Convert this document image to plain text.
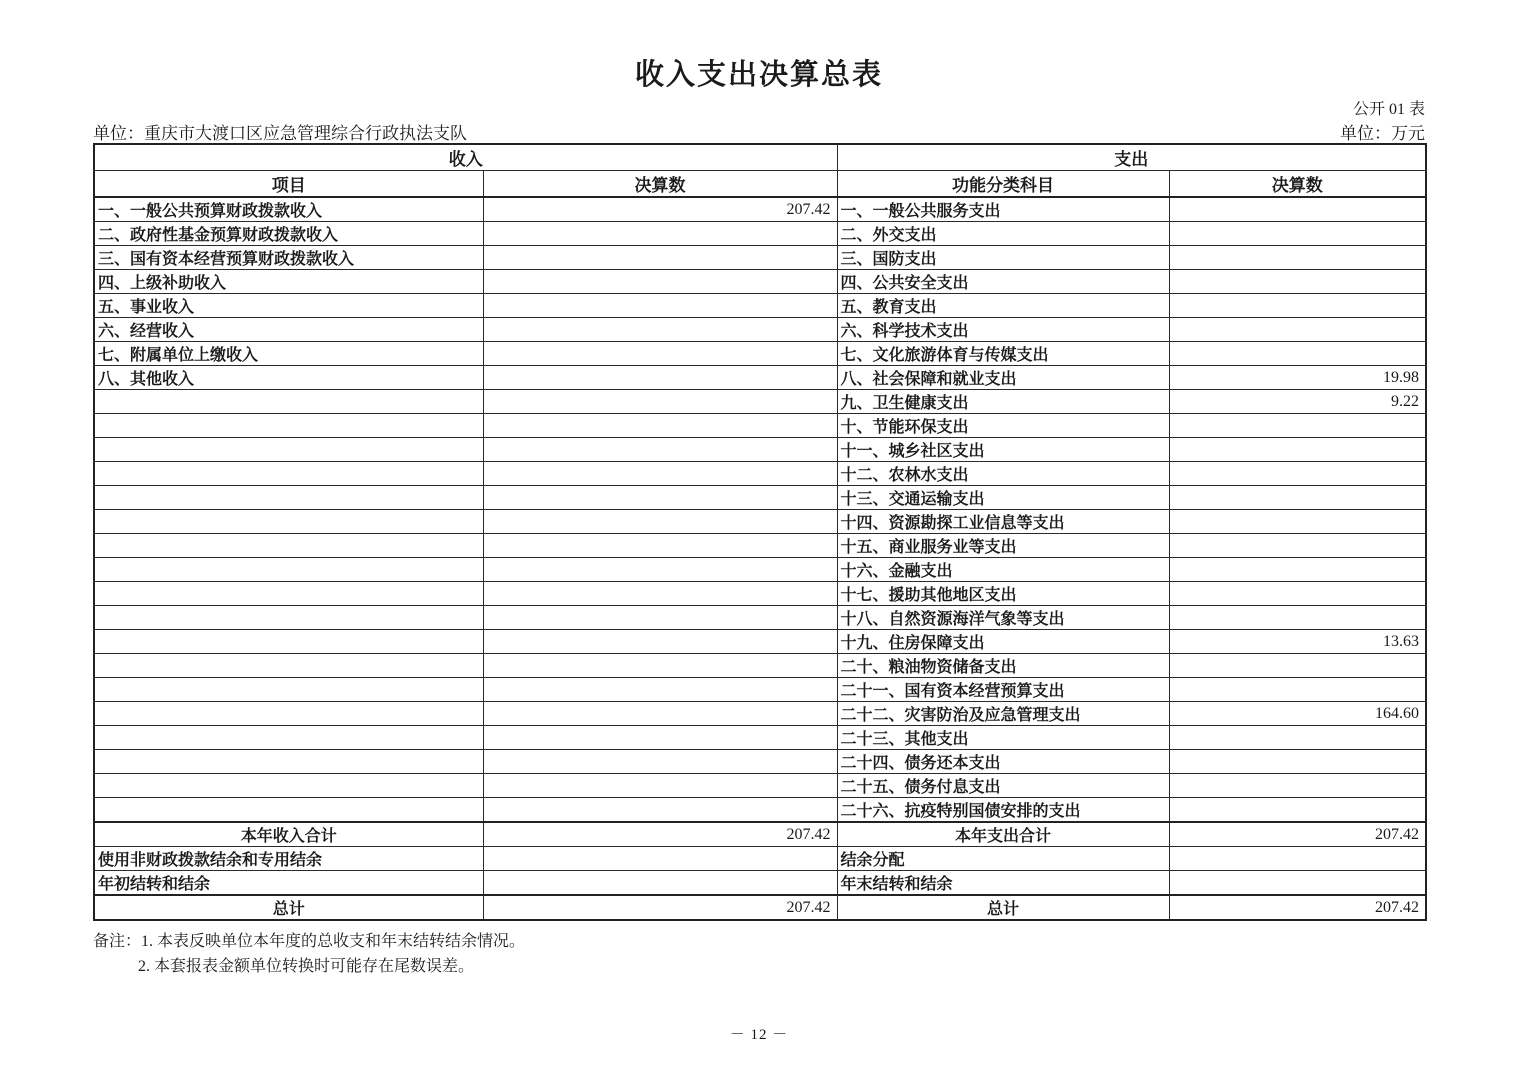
收入支出决算总表
公开 01 表
单位：重庆市大渡口区应急管理综合行政执法支队	单位：万元
收入		支出	
项目	决算数	功能分类科目	决算数
一、一般公共预算财政拨款收入	207.42	一、一般公共服务支出	
二、政府性基金预算财政拨款收入		二、外交支出	
三、国有资本经营预算财政拨款收入		三、国防支出	
四、上级补助收入		四、公共安全支出	
五、事业收入		五、教育支出	
六、经营收入		六、科学技术支出	
七、附属单位上缴收入		七、文化旅游体育与传媒支出	
八、其他收入		八、社会保障和就业支出	19.98
		九、卫生健康支出	9.22
		十、节能环保支出	
		十一、城乡社区支出	
		十二、农林水支出	
		十三、交通运输支出	
		十四、资源勘探工业信息等支出	
		十五、商业服务业等支出	
		十六、金融支出	
		十七、援助其他地区支出	
		十八、自然资源海洋气象等支出	
		十九、住房保障支出	13.63
		二十、粮油物资储备支出	
		二十一、国有资本经营预算支出	
		二十二、灾害防治及应急管理支出	164.60
		二十三、其他支出	
		二十四、债务还本支出	
		二十五、债务付息支出	
		二十六、抗疫特别国债安排的支出	
本年收入合计	207.42	本年支出合计	207.42
使用非财政拨款结余和专用结余		结余分配	
年初结转和结余		年末结转和结余	
总计	207.42	总计	207.42
备注：1. 本表反映单位本年度的总收支和年末结转结余情况。
2. 本套报表金额单位转换时可能存在尾数误差。
－ 12 －
